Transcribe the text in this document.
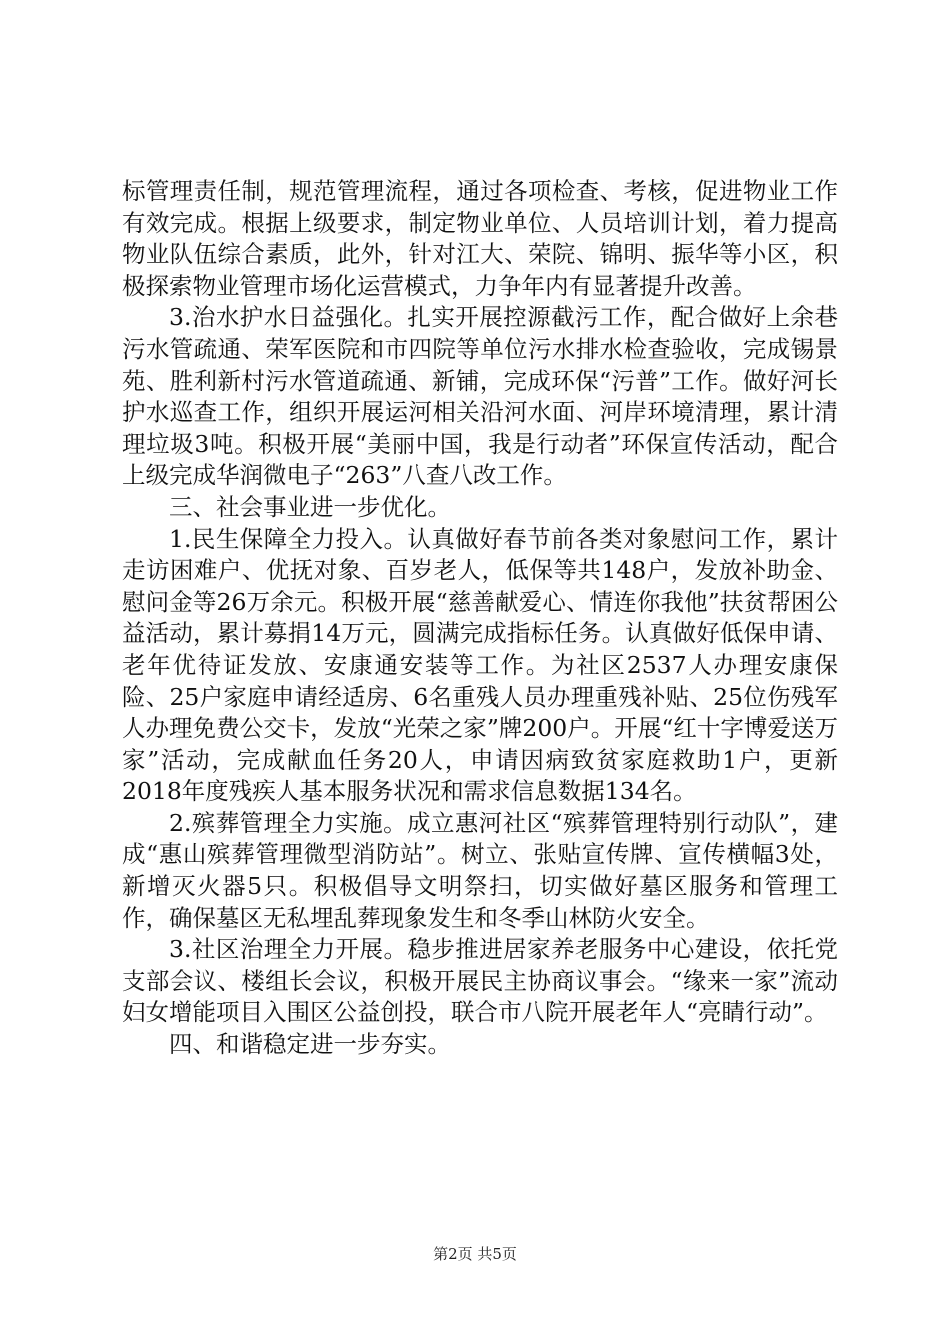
标管理责任制，规范管理流程，通过各项检查、考核，促进物业工作有效完成。根据上级要求，制定物业单位、人员培训计划，着力提高物业队伍综合素质，此外，针对江大、荣院、锦明、振华等小区，积极探索物业管理市场化运营模式，力争年内有显著提升改善。

3.治水护水日益强化。扎实开展控源截污工作，配合做好上余巷污水管疏通、荣军医院和市四院等单位污水排水检查验收，完成锡景苑、胜利新村污水管道疏通、新铺，完成环保“污普”工作。做好河长护水巡查工作，组织开展运河相关沿河水面、河岸环境清理，累计清理垃圾3吨。积极开展“美丽中国，我是行动者”环保宣传活动，配合上级完成华润微电子“263”八查八改工作。

三、社会事业进一步优化。

1.民生保障全力投入。认真做好春节前各类对象慰问工作，累计走访困难户、优抚对象、百岁老人，低保等共148户，发放补助金、慰问金等26万余元。积极开展“慈善献爱心、情连你我他”扶贫帮困公益活动，累计募捐14万元，圆满完成指标任务。认真做好低保申请、老年优待证发放、安康通安装等工作。为社区2537人办理安康保险、25户家庭申请经适房、6名重残人员办理重残补贴、25位伤残军人办理免费公交卡，发放“光荣之家”牌200户。开展“红十字博爱送万家”活动，完成献血任务20人，申请因病致贫家庭救助1户，更新2018年度残疾人基本服务状况和需求信息数据134名。

2.殡葬管理全力实施。成立惠河社区“殡葬管理特别行动队”，建成“惠山殡葬管理微型消防站”。树立、张贴宣传牌、宣传横幅3处，新增灭火器5只。积极倡导文明祭扫，切实做好墓区服务和管理工作，确保墓区无私埋乱葬现象发生和冬季山林防火安全。

3.社区治理全力开展。稳步推进居家养老服务中心建设，依托党支部会议、楼组长会议，积极开展民主协商议事会。“缘来一家”流动妇女增能项目入围区公益创投，联合市八院开展老年人“亮睛行动”。

四、和谐稳定进一步夯实。

第2页 共5页
